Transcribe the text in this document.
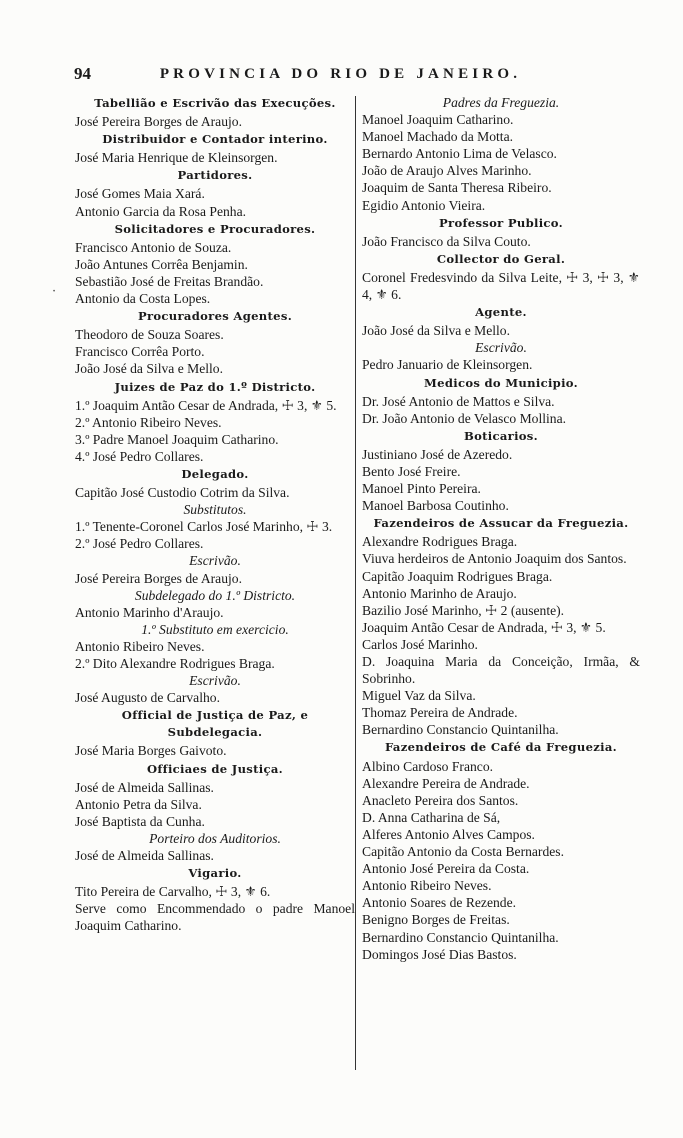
94	PROVINCIA DO RIO DE JANEIRO.
Tabellião e Escrivão das Execuções.
José Pereira Borges de Araujo.
Distribuidor e Contador interino.
José Maria Henrique de Kleinsorgen.
Partidores.
José Gomes Maia Xará.
Antonio Garcia da Rosa Penha.
Solicitadores e Procuradores.
Francisco Antonio de Souza.
João Antunes Corrêa Benjamin.
Sebastião José de Freitas Brandão.
Antonio da Costa Lopes.
Procuradores Agentes.
Theodoro de Souza Soares.
Francisco Corrêa Porto.
João José da Silva e Mello.
Juizes de Paz do 1.º Districto.
1.º Joaquim Antão Cesar de Andrada, ☩ 3, ⚜ 5.
2.º Antonio Ribeiro Neves.
3.º Padre Manoel Joaquim Catharino.
4.º José Pedro Collares.
Delegado.
Capitão José Custodio Cotrim da Silva.
Substitutos.
1.º Tenente-Coronel Carlos José Marinho, ☩ 3.
2.º José Pedro Collares.
Escrivão.
José Pereira Borges de Araujo.
Subdelegado do 1.º Districto.
Antonio Marinho d'Araujo.
1.º Substituto em exercicio.
Antonio Ribeiro Neves.
2.º Dito Alexandre Rodrigues Braga.
Escrivão.
José Augusto de Carvalho.
Official de Justiça de Paz, e Subdelegacia.
José Maria Borges Gaivoto.
Officiaes de Justiça.
José de Almeida Sallinas.
Antonio Petra da Silva.
José Baptista da Cunha.
Porteiro dos Auditorios.
José de Almeida Sallinas.
Vigario.
Tito Pereira de Carvalho, ☩ 3, ⚜ 6.
Serve como Encommendado o padre Manoel Joaquim Catharino.
Padres da Freguezia.
Manoel Joaquim Catharino.
Manoel Machado da Motta.
Bernardo Antonio Lima de Velasco.
João de Araujo Alves Marinho.
Joaquim de Santa Theresa Ribeiro.
Egidio Antonio Vieira.
Professor Publico.
João Francisco da Silva Couto.
Collector do Geral.
Coronel Fredesvindo da Silva Leite, ☩ 3, ☩ 3, ⚜ 4, ⚜ 6.
Agente.
João José da Silva e Mello.
Escrivão.
Pedro Januario de Kleinsorgen.
Medicos do Municipio.
Dr. José Antonio de Mattos e Silva.
Dr. João Antonio de Velasco Mollina.
Boticarios.
Justiniano José de Azeredo.
Bento José Freire.
Manoel Pinto Pereira.
Manoel Barbosa Coutinho.
Fazendeiros de Assucar da Freguezia.
Alexandre Rodrigues Braga.
Viuva herdeiros de Antonio Joaquim dos Santos.
Capitão Joaquim Rodrigues Braga.
Antonio Marinho de Araujo.
Bazilio José Marinho, ☩ 2 (ausente).
Joaquim Antão Cesar de Andrada, ☩ 3, ⚜ 5.
Carlos José Marinho.
D. Joaquina Maria da Conceição, Irmãa, & Sobrinho.
Miguel Vaz da Silva.
Thomaz Pereira de Andrade.
Bernardino Constancio Quintanilha.
Fazendeiros de Café da Freguezia.
Albino Cardoso Franco.
Alexandre Pereira de Andrade.
Anacleto Pereira dos Santos.
D. Anna Catharina de Sá,
Alferes Antonio Alves Campos.
Capitão Antonio da Costa Bernardes.
Antonio José Pereira da Costa.
Antonio Ribeiro Neves.
Antonio Soares de Rezende.
Benigno Borges de Freitas.
Bernardino Constancio Quintanilha.
Domingos José Dias Bastos.
·
